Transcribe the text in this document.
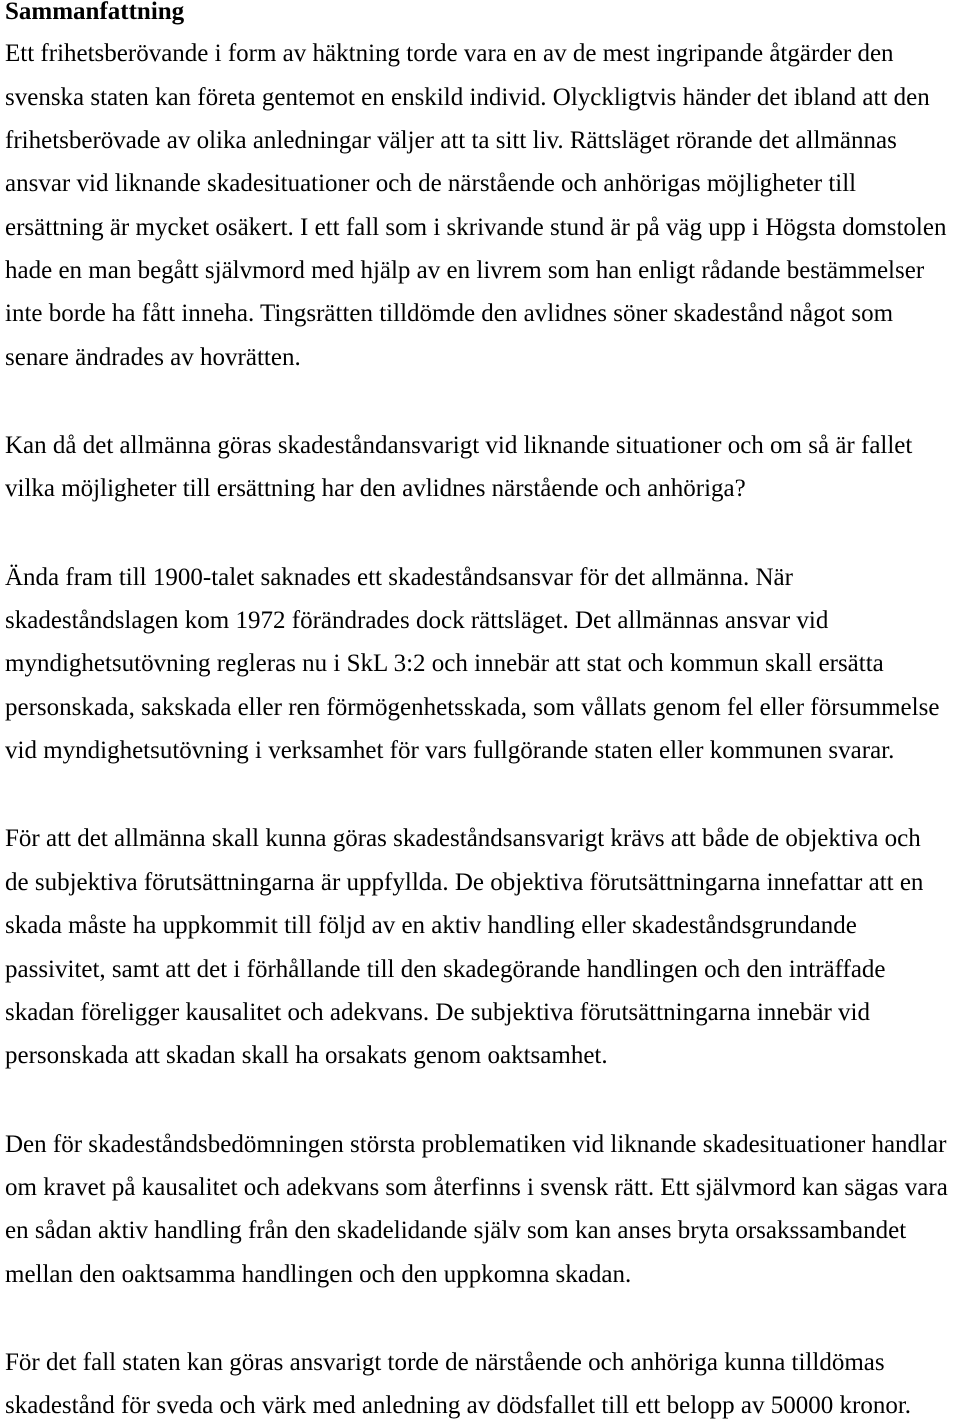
Sammanfattning
Ett frihetsberövande i form av häktning torde vara en av de mest ingripande åtgärder den
svenska staten kan företa gentemot en enskild individ. Olyckligtvis händer det ibland att den
frihetsberövade av olika anledningar väljer att ta sitt liv. Rättsläget rörande det allmännas
ansvar vid liknande skadesituationer och de närstående och anhörigas möjligheter till
ersättning är mycket osäkert. I ett fall som i skrivande stund är på väg upp i Högsta domstolen
hade en man begått självmord med hjälp av en livrem som han enligt rådande bestämmelser
inte borde ha fått inneha. Tingsrätten tilldömde den avlidnes söner skadestånd något som
senare ändrades av hovrätten.
Kan då det allmänna göras skadeståndansvarigt vid liknande situationer och om så är fallet
vilka möjligheter till ersättning har den avlidnes närstående och anhöriga?
Ända fram till 1900-talet saknades ett skadeståndsansvar för det allmänna. När
skadeståndslagen kom 1972 förändrades dock rättsläget. Det allmännas ansvar vid
myndighetsutövning regleras nu i SkL 3:2 och innebär att stat och kommun skall ersätta
personskada, sakskada eller ren förmögenhetsskada, som vållats genom fel eller försummelse
vid myndighetsutövning i verksamhet för vars fullgörande staten eller kommunen svarar.
För att det allmänna skall kunna göras skadeståndsansvarigt krävs att både de objektiva och
de subjektiva förutsättningarna är uppfyllda. De objektiva förutsättningarna innefattar att en
skada måste ha uppkommit till följd av en aktiv handling eller skadeståndsgrundande
passivitet, samt att det i förhållande till den skadegörande handlingen och den inträffade
skadan föreligger kausalitet och adekvans. De subjektiva förutsättningarna innebär vid
personskada att skadan skall ha orsakats genom oaktsamhet.
Den för skadeståndsbedömningen största problematiken vid liknande skadesituationer handlar
om kravet på kausalitet och adekvans som återfinns i svensk rätt. Ett självmord kan sägas vara
en sådan aktiv handling från den skadelidande själv som kan anses bryta orsakssambandet
mellan den oaktsamma handlingen och den uppkomna skadan.
För det fall staten kan göras ansvarigt torde de närstående och anhöriga kunna tilldömas
skadestånd för sveda och värk med anledning av dödsfallet till ett belopp av 50000 kronor.
